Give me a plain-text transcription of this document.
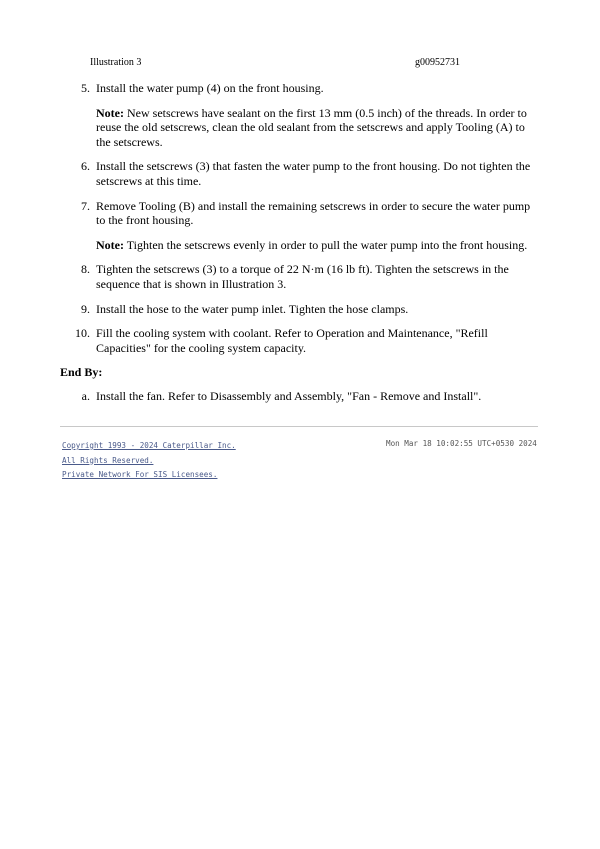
Illustration 3	g00952731
5. Install the water pump (4) on the front housing.
Note: New setscrews have sealant on the first 13 mm (0.5 inch) of the threads. In order to reuse the old setscrews, clean the old sealant from the setscrews and apply Tooling (A) to the setscrews.
6. Install the setscrews (3) that fasten the water pump to the front housing. Do not tighten the setscrews at this time.
7. Remove Tooling (B) and install the remaining setscrews in order to secure the water pump to the front housing.
Note: Tighten the setscrews evenly in order to pull the water pump into the front housing.
8. Tighten the setscrews (3) to a torque of 22 N·m (16 lb ft). Tighten the setscrews in the sequence that is shown in Illustration 3.
9. Install the hose to the water pump inlet. Tighten the hose clamps.
10. Fill the cooling system with coolant. Refer to Operation and Maintenance, "Refill Capacities" for the cooling system capacity.
End By:
a. Install the fan. Refer to Disassembly and Assembly, "Fan - Remove and Install".
Copyright 1993 - 2024 Caterpillar Inc.
All Rights Reserved.
Private Network For SIS Licensees.
Mon Mar 18 10:02:55 UTC+0530 2024
